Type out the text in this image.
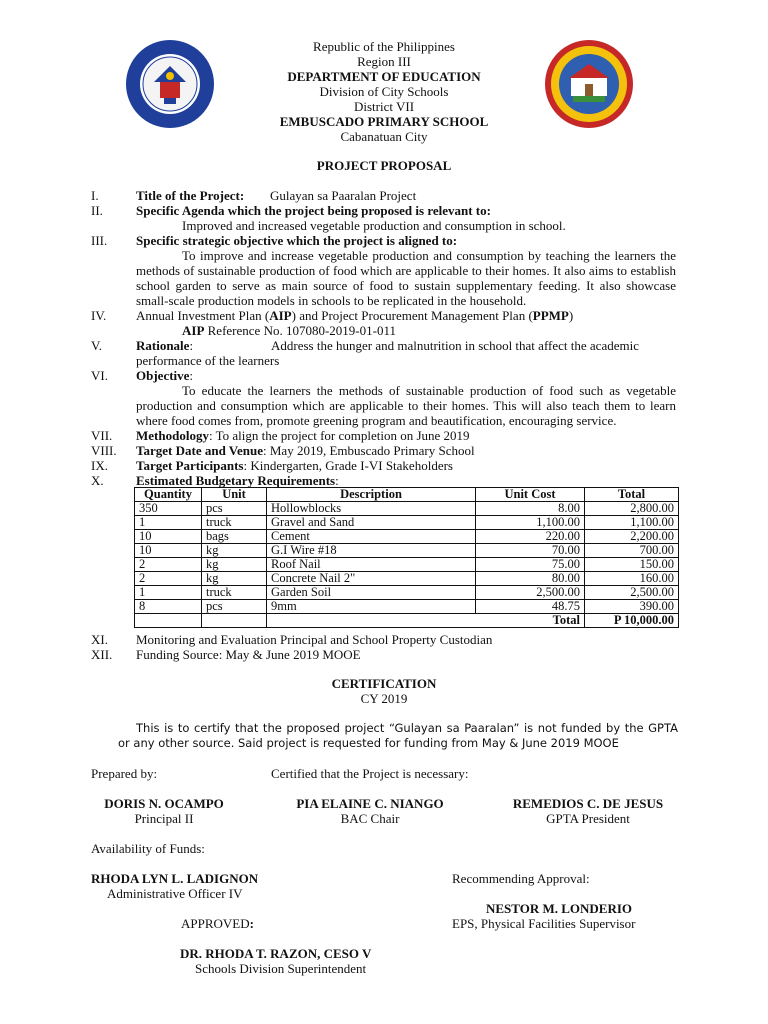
Republic of the Philippines
Region III
DEPARTMENT OF EDUCATION
Division of City Schools
District VII
EMBUSCADO PRIMARY SCHOOL
Cabanatuan City
PROJECT PROPOSAL
I.	Title of the Project: Gulayan sa Paaralan Project
II.	Specific Agenda which the project being proposed is relevant to:
Improved and increased vegetable production and consumption in school.
III. Specific strategic objective which the project is aligned to:
To improve and increase vegetable production and consumption by teaching the learners the methods of sustainable production of food which are applicable to their homes. It also aims to establish school garden to serve as main source of food to sustain supplementary feeding. It also showcase small-scale production models in schools to be replicated in the household.
IV. Annual Investment Plan (AIP) and Project Procurement Management Plan (PPMP)
AIP Reference No. 107080-2019-01-011
V.	Rationale:	Address the hunger and malnutrition in school that affect the academic performance of the learners
VI. Objective:
To educate the learners the methods of sustainable production of food such as vegetable production and consumption which are applicable to their homes. This will also teach them to learn where food comes from, promote greening program and beautification, encouraging service.
VII. Methodology: To align the project for completion on June 2019
VIII. Target Date and Venue: May 2019, Embuscado Primary School
IX. Target Participants: Kindergarten, Grade I-VI Stakeholders
X. Estimated Budgetary Requirements:
Quantity	Unit	Description	Unit Cost	Total
350	pcs	Hollowblocks	8.00	2,800.00
1	truck	Gravel and Sand	1,100.00	1,100.00
10	bags	Cement	220.00	2,200.00
10	kg	G.I Wire #18	70.00	700.00
2	kg	Roof Nail	75.00	150.00
2	kg	Concrete Nail 2"	80.00	160.00
1	truck	Garden Soil	2,500.00	2,500.00
8	pcs	9mm	48.75	390.00
		Total		P 10,000.00
XI. Monitoring and Evaluation Principal and School Property Custodian
XII. Funding Source: May & June 2019 MOOE
CERTIFICATION
CY 2019
This is to certify that the proposed project “Gulayan sa Paaralan” is not funded by the GPTA or any other source. Said project is requested for funding from May & June 2019 MOOE
Prepared by:	Certified that the Project is necessary:
DORIS N. OCAMPO
Principal II
PIA ELAINE C. NIANGO
BAC Chair
REMEDIOS C. DE JESUS
GPTA President
Availability of Funds:
RHODA LYN L. LADIGNON
Administrative Officer IV
Recommending Approval:
NESTOR M. LONDERIO
EPS, Physical Facilities Supervisor
APPROVED:
DR. RHODA T. RAZON, CESO V
Schools Division Superintendent
